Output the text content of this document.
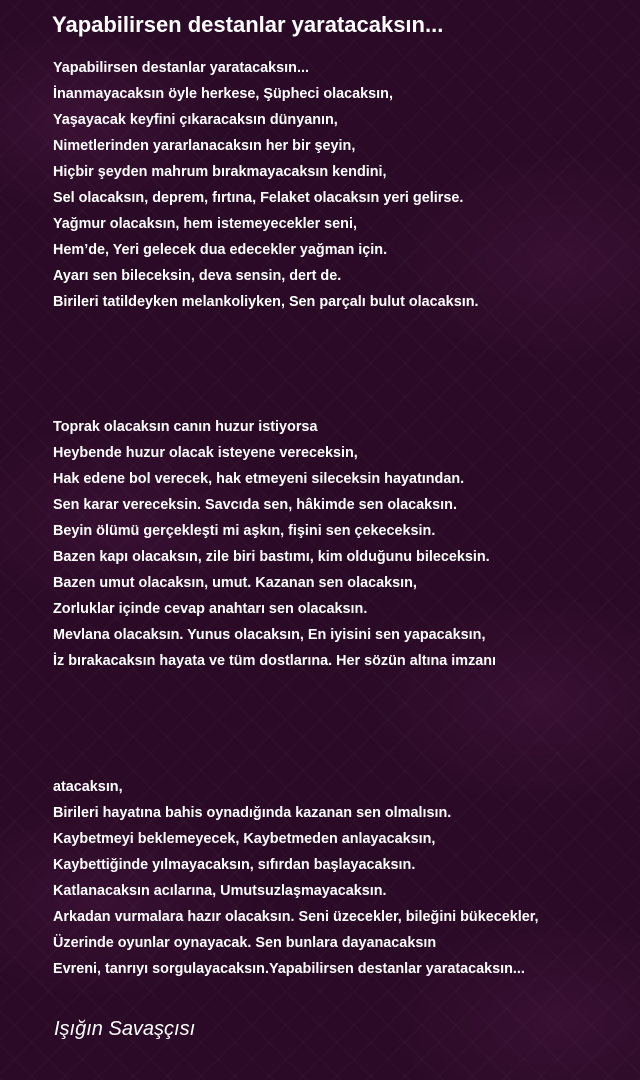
Yapabilirsen destanlar yaratacaksın...
Yapabilirsen destanlar yaratacaksın...
İnanmayacaksın öyle herkese, Şüpheci olacaksın,
Yaşayacak keyfini çıkaracaksın dünyanın,
Nimetlerinden yararlanacaksın her bir şeyin,
Hiçbir şeyden mahrum bırakmayacaksın kendini,
Sel olacaksın, deprem, fırtına, Felaket olacaksın yeri gelirse.
Yağmur olacaksın, hem istemeyecekler seni,
Hem’de, Yeri gelecek dua edecekler yağman için.
Ayarı sen bileceksin, deva sensin, dert de.
Birileri tatildeyken melankoliyken, Sen parçalı bulut olacaksın.
Toprak olacaksın canın huzur istiyorsa
Heybende huzur olacak isteyene vereceksin,
Hak edene bol verecek, hak etmeyeni sileceksin hayatından.
Sen karar vereceksin. Savcıda sen, hâkimde sen olacaksın.
Beyin ölümü gerçekleşti mi aşkın, fişini sen çekeceksin.
Bazen kapı olacaksın, zile biri bastımı, kim olduğunu bileceksin.
Bazen umut olacaksın, umut. Kazanan sen olacaksın,
Zorluklar içinde cevap anahtarı sen olacaksın.
Mevlana olacaksın. Yunus olacaksın, En iyisini sen yapacaksın,
İz bırakacaksın hayata ve tüm dostlarına. Her sözün altına imzanı
atacaksın,
Birileri hayatına bahis oynadığında kazanan sen olmalısın.
Kaybetmeyi beklemeyecek, Kaybetmeden anlayacaksın,
Kaybettiğinde yılmayacaksın, sıfırdan başlayacaksın.
Katlanacaksın acılarına, Umutsuzlaşmayacaksın.
Arkadan vurmalara hazır olacaksın. Seni üzecekler, bileğini bükecekler,
Üzerinde oyunlar oynayacak. Sen bunlara dayanacaksın
Evreni, tanrıyı sorgulayacaksın.Yapabilirsen destanlar yaratacaksın...
Işığın Savaşçısı
